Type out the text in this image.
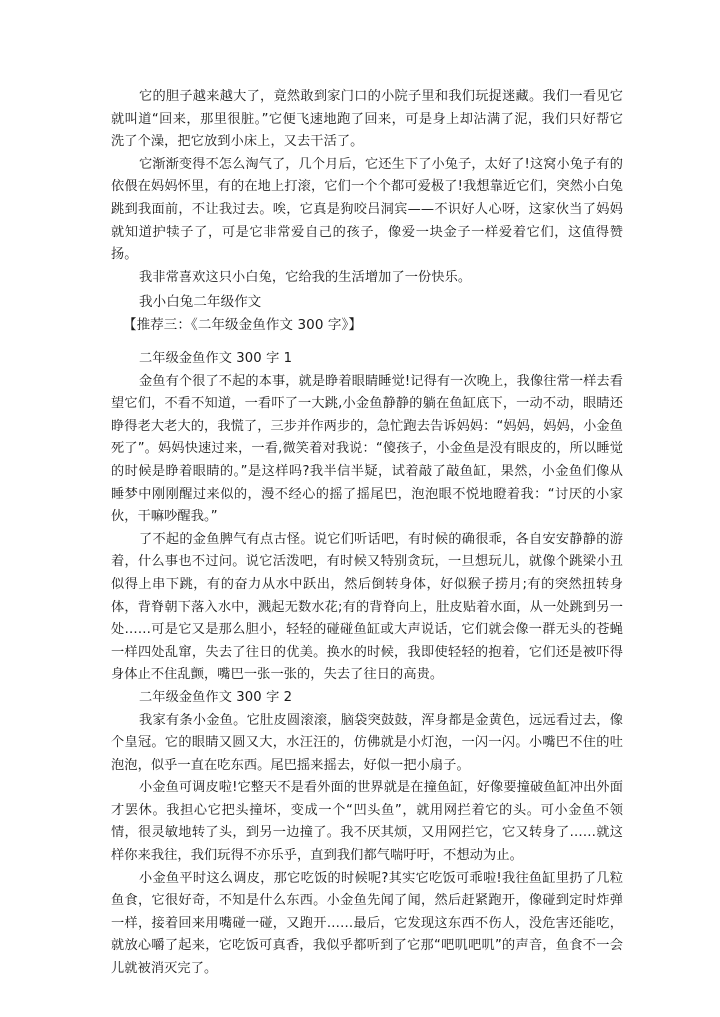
它的胆子越来越大了，竟然敢到家门口的小院子里和我们玩捉迷藏。我们一看见它就叫道“回来，那里很脏。”它便飞速地跑了回来，可是身上却沾满了泥，我们只好帮它洗了个澡，把它放到小床上，又去干活了。

它渐渐变得不怎么淘气了，几个月后，它还生下了小兔子，太好了!这窝小兔子有的依偎在妈妈怀里，有的在地上打滚，它们一个个都可爱极了!我想靠近它们，突然小白兔跳到我面前，不让我过去。唉，它真是狗咬吕洞宾——不识好人心呀，这家伙当了妈妈就知道护犊子了，可是它非常爱自己的孩子，像爱一块金子一样爱着它们，这值得赞扬。

我非常喜欢这只小白兔，它给我的生活增加了一份快乐。

我小白兔二年级作文

【推荐三：《二年级金鱼作文 300 字》】

二年级金鱼作文 300 字 1

金鱼有个很了不起的本事，就是睁着眼睛睡觉!记得有一次晚上，我像往常一样去看望它们，不看不知道，一看吓了一大跳,小金鱼静静的躺在鱼缸底下，一动不动，眼睛还睁得老大老大的，我慌了，三步并作两步的，急忙跑去告诉妈妈：“妈妈，妈妈，小金鱼死了”。妈妈快速过来，一看,微笑着对我说：“傻孩子，小金鱼是没有眼皮的，所以睡觉的时候是睁着眼睛的。”是这样吗?我半信半疑，试着敲了敲鱼缸，果然，小金鱼们像从睡梦中刚刚醒过来似的，漫不经心的摇了摇尾巴，泡泡眼不悦地瞪着我：“讨厌的小家伙，干嘛吵醒我。”

了不起的金鱼脾气有点古怪。说它们听话吧，有时候的确很乖，各自安安静静的游着，什么事也不过问。说它活泼吧，有时候又特别贪玩，一旦想玩儿，就像个跳梁小丑似得上串下跳，有的奋力从水中跃出，然后倒转身体，好似猴子捞月;有的突然扭转身体，背脊朝下落入水中，溅起无数水花;有的背脊向上，肚皮贴着水面，从一处跳到另一处……可是它又是那么胆小，轻轻的碰碰鱼缸或大声说话，它们就会像一群无头的苍蝇一样四处乱窜，失去了往日的优美。换水的时候，我即使轻轻的抱着，它们还是被吓得身体止不住乱颤，嘴巴一张一张的，失去了往日的高贵。

二年级金鱼作文 300 字 2

我家有条小金鱼。它肚皮圆滚滚，脑袋突鼓鼓，浑身都是金黄色，远远看过去，像个皇冠。它的眼睛又圆又大，水汪汪的，仿佛就是小灯泡，一闪一闪。小嘴巴不住的吐泡泡，似乎一直在吃东西。尾巴摇来摇去，好似一把小扇子。

小金鱼可调皮啦!它整天不是看外面的世界就是在撞鱼缸，好像要撞破鱼缸冲出外面才罢休。我担心它把头撞坏，变成一个“凹头鱼”，就用网拦着它的头。可小金鱼不领情，很灵敏地转了头，到另一边撞了。我不厌其烦，又用网拦它，它又转身了……就这样你来我往，我们玩得不亦乐乎，直到我们都气喘吁吁，不想动为止。

小金鱼平时这么调皮，那它吃饭的时候呢?其实它吃饭可乖啦!我往鱼缸里扔了几粒鱼食，它很好奇，不知是什么东西。小金鱼先闻了闻，然后赶紧跑开，像碰到定时炸弹一样，接着回来用嘴碰一碰，又跑开……最后，它发现这东西不伤人，没危害还能吃，就放心嚼了起来，它吃饭可真香，我似乎都听到了它那“吧叽吧叽”的声音，鱼食不一会儿就被消灭完了。
